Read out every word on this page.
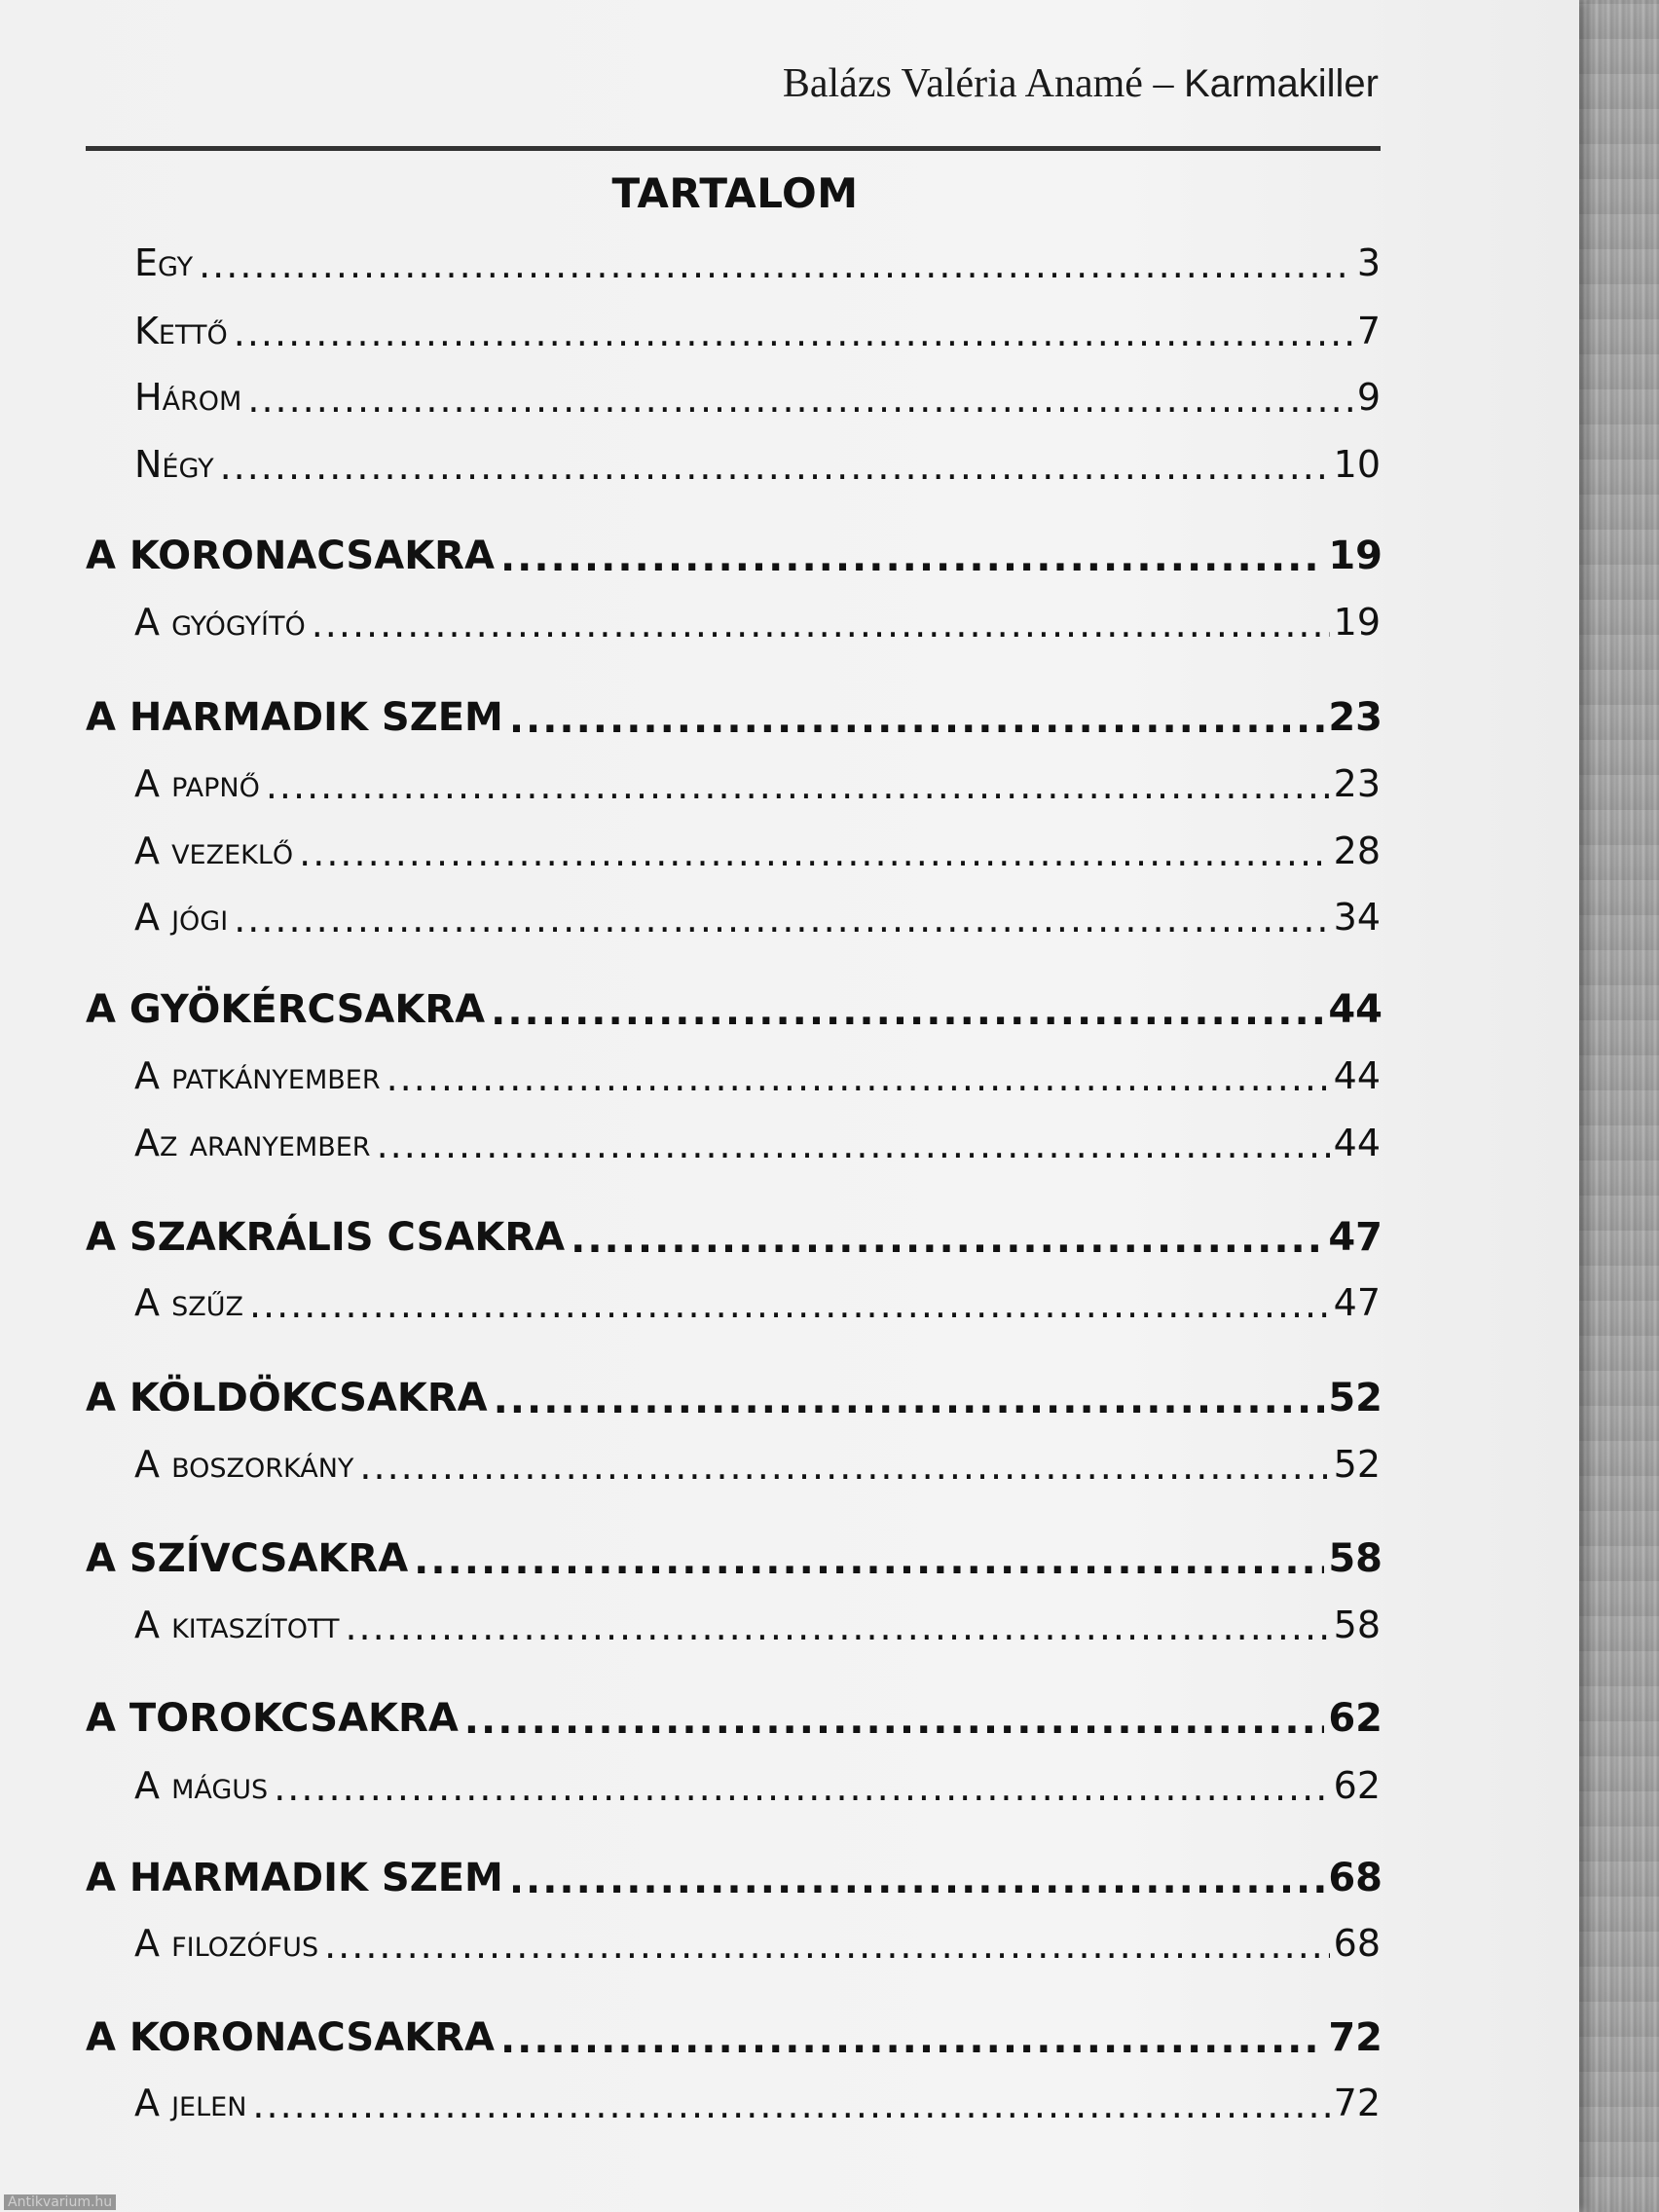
Balázs Valéria Anamé – Karmakiller
TARTALOM
Egy .....	3
Kettő .....	7
Három .....	9
Négy .....	10
A KORONACSAKRA .....	19
A gyógyító .....	19
A HARMADIK SZEM .....	23
A papnő .....	23
A vezeklő .....	28
A jógi .....	34
A GYÖKÉRCSAKRA .....	44
A patkányember .....	44
Az aranyember .....	44
A SZAKRÁLIS CSAKRA .....	47
A szűz .....	47
A KÖLDÖKCSAKRA .....	52
A boszorkány .....	52
A SZÍVCSAKRA .....	58
A kitaszított .....	58
A TOROKCSAKRA .....	62
A mágus .....	62
A HARMADIK SZEM .....	68
A filozófus .....	68
A KORONACSAKRA .....	72
A jelen .....	72
Antikvarium.hu
